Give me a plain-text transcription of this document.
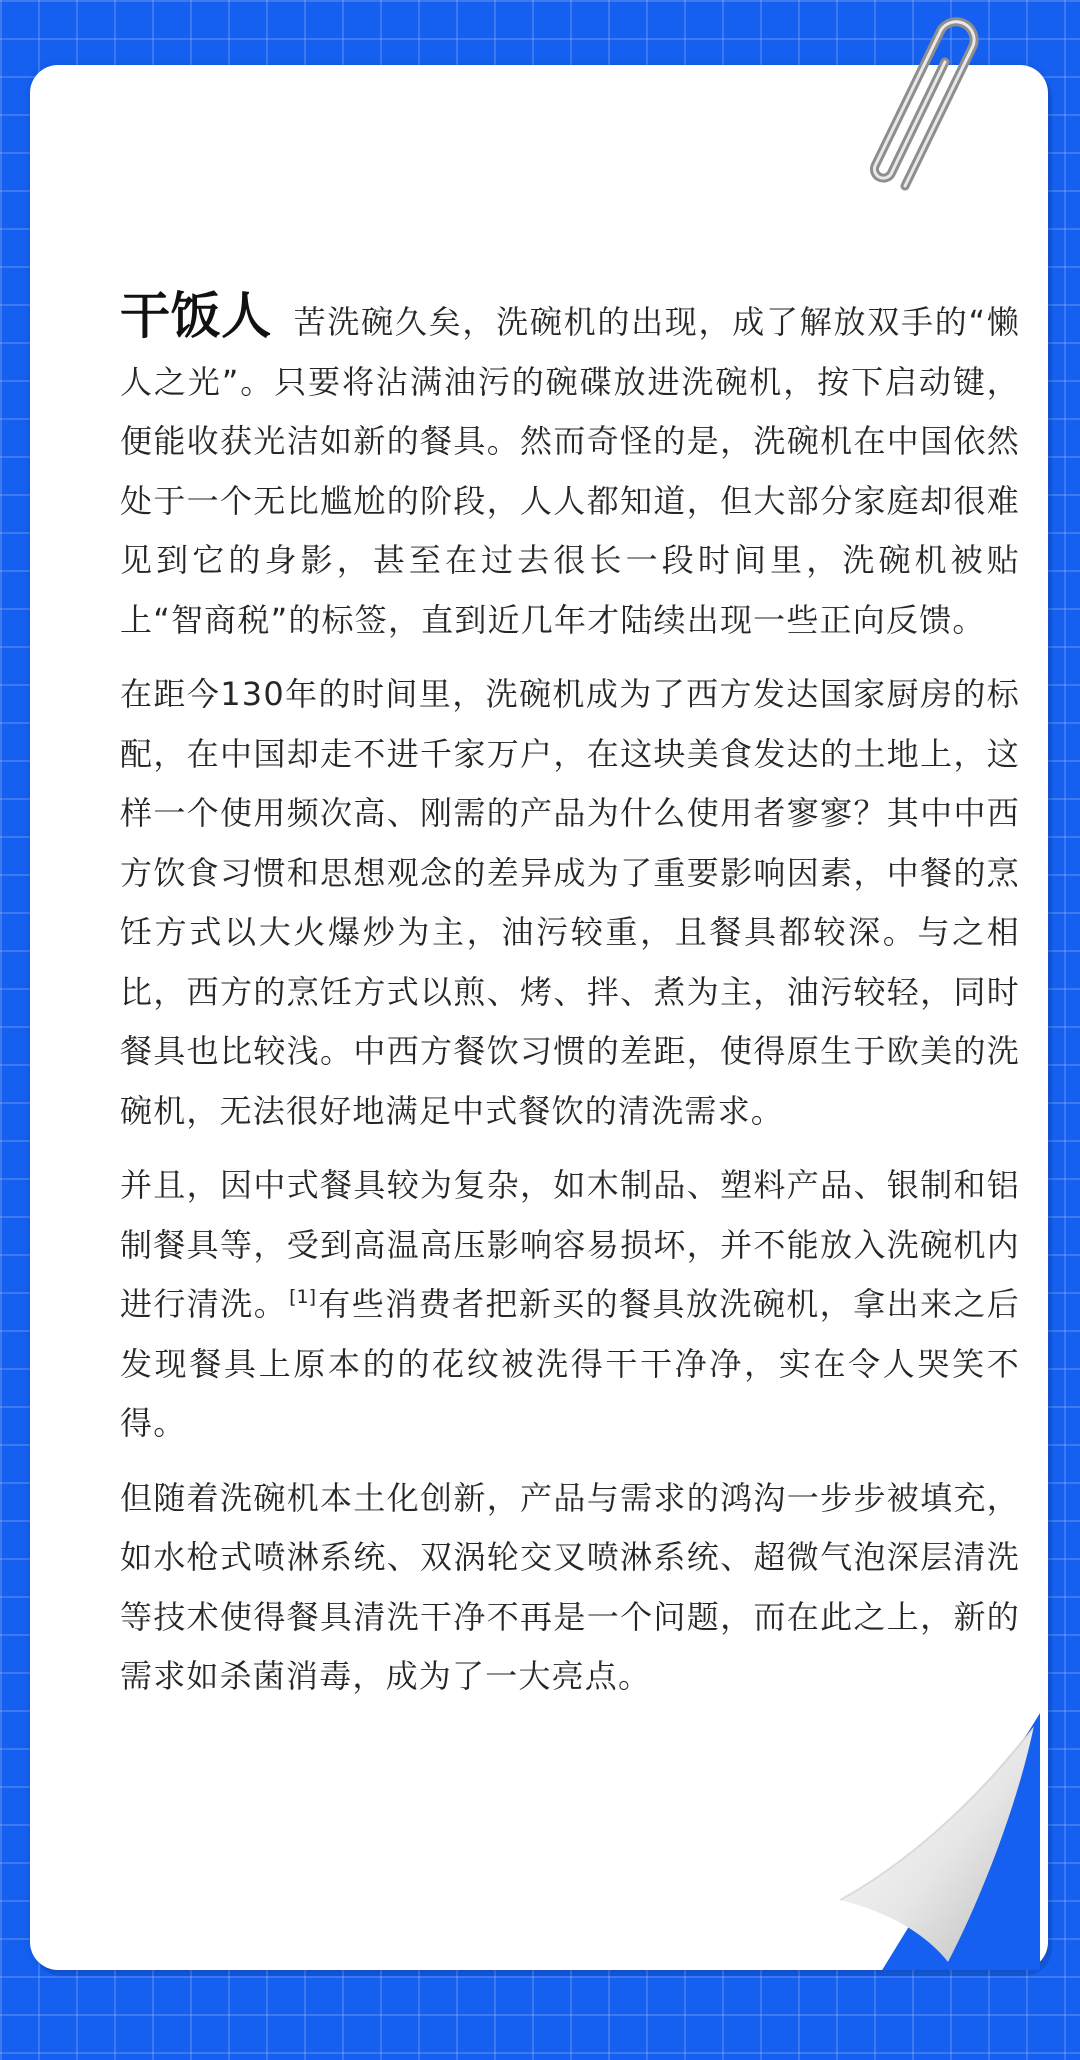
干饭人 苦洗碗久矣，洗碗机的出现，成了解放双手的“懒人之光”。只要将沾满油污的碗碟放进洗碗机，按下启动键，便能收获光洁如新的餐具。然而奇怪的是，洗碗机在中国依然处于一个无比尴尬的阶段，人人都知道，但大部分家庭却很难见到它的身影，甚至在过去很长一段时间里，洗碗机被贴上“智商税”的标签，直到近几年才陆续出现一些正向反馈。

在距今130年的时间里，洗碗机成为了西方发达国家厨房的标配，在中国却走不进千家万户，在这块美食发达的土地上，这样一个使用频次高、刚需的产品为什么使用者寥寥？其中中西方饮食习惯和思想观念的差异成为了重要影响因素，中餐的烹饪方式以大火爆炒为主，油污较重，且餐具都较深。与之相比，西方的烹饪方式以煎、烤、拌、煮为主，油污较轻，同时餐具也比较浅。中西方餐饮习惯的差距，使得原生于欧美的洗碗机，无法很好地满足中式餐饮的清洗需求。

并且，因中式餐具较为复杂，如木制品、塑料产品、银制和铝制餐具等，受到高温高压影响容易损坏，并不能放入洗碗机内进行清洗。 [1]有些消费者把新买的餐具放洗碗机，拿出来之后发现餐具上原本的的花纹被洗得干干净净，实在令人哭笑不得。

但随着洗碗机本土化创新，产品与需求的鸿沟一步步被填充，如水枪式喷淋系统、双涡轮交叉喷淋系统、超微气泡深层清洗等技术使得餐具清洗干净不再是一个问题，而在此之上，新的需求如杀菌消毒，成为了一大亮点。
